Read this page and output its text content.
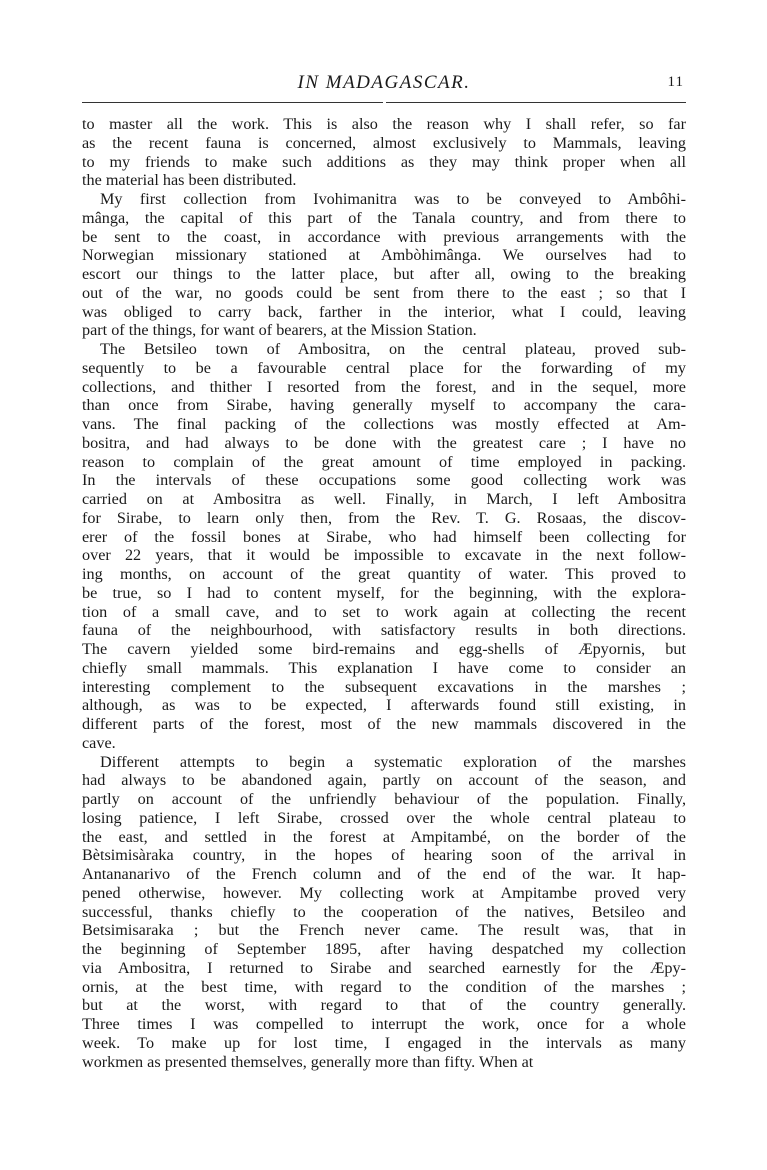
IN MADAGASCAR.	11
to master all the work. This is also the reason why I shall refer, so far
as the recent fauna is concerned, almost exclusively to Mammals, leaving
to my friends to make such additions as they may think proper when all
the material has been distributed.
My first collection from Ivohimanitra was to be conveyed to Ambôhi-
mânga, the capital of this part of the Tanala country, and from there to
be sent to the coast, in accordance with previous arrangements with the
Norwegian missionary stationed at Ambòhimânga. We ourselves had to
escort our things to the latter place, but after all, owing to the breaking
out of the war, no goods could be sent from there to the east ; so that I
was obliged to carry back, farther in the interior, what I could, leaving
part of the things, for want of bearers, at the Mission Station.
The Betsileo town of Ambositra, on the central plateau, proved sub-
sequently to be a favourable central place for the forwarding of my
collections, and thither I resorted from the forest, and in the sequel, more
than once from Sirabe, having generally myself to accompany the cara-
vans. The final packing of the collections was mostly effected at Am-
bositra, and had always to be done with the greatest care ; I have no
reason to complain of the great amount of time employed in packing.
In the intervals of these occupations some good collecting work was
carried on at Ambositra as well. Finally, in March, I left Ambositra
for Sirabe, to learn only then, from the Rev. T. G. Rosaas, the discov-
erer of the fossil bones at Sirabe, who had himself been collecting for
over 22 years, that it would be impossible to excavate in the next follow-
ing months, on account of the great quantity of water. This proved to
be true, so I had to content myself, for the beginning, with the explora-
tion of a small cave, and to set to work again at collecting the recent
fauna of the neighbourhood, with satisfactory results in both directions.
The cavern yielded some bird-remains and egg-shells of Æpyornis, but
chiefly small mammals. This explanation I have come to consider an
interesting complement to the subsequent excavations in the marshes ;
although, as was to be expected, I afterwards found still existing, in
different parts of the forest, most of the new mammals discovered in the
cave.
Different attempts to begin a systematic exploration of the marshes
had always to be abandoned again, partly on account of the season, and
partly on account of the unfriendly behaviour of the population. Finally,
losing patience, I left Sirabe, crossed over the whole central plateau to
the east, and settled in the forest at Ampitambé, on the border of the
Bètsimisàraka country, in the hopes of hearing soon of the arrival in
Antananarivo of the French column and of the end of the war. It hap-
pened otherwise, however. My collecting work at Ampitambe proved very
successful, thanks chiefly to the cooperation of the natives, Betsileo and
Betsimisaraka ; but the French never came. The result was, that in
the beginning of September 1895, after having despatched my collection
via Ambositra, I returned to Sirabe and searched earnestly for the Æpy-
ornis, at the best time, with regard to the condition of the marshes ;
but at the worst, with regard to that of the country generally.
Three times I was compelled to interrupt the work, once for a whole
week. To make up for lost time, I engaged in the intervals as many
workmen as presented themselves, generally more than fifty. When at
